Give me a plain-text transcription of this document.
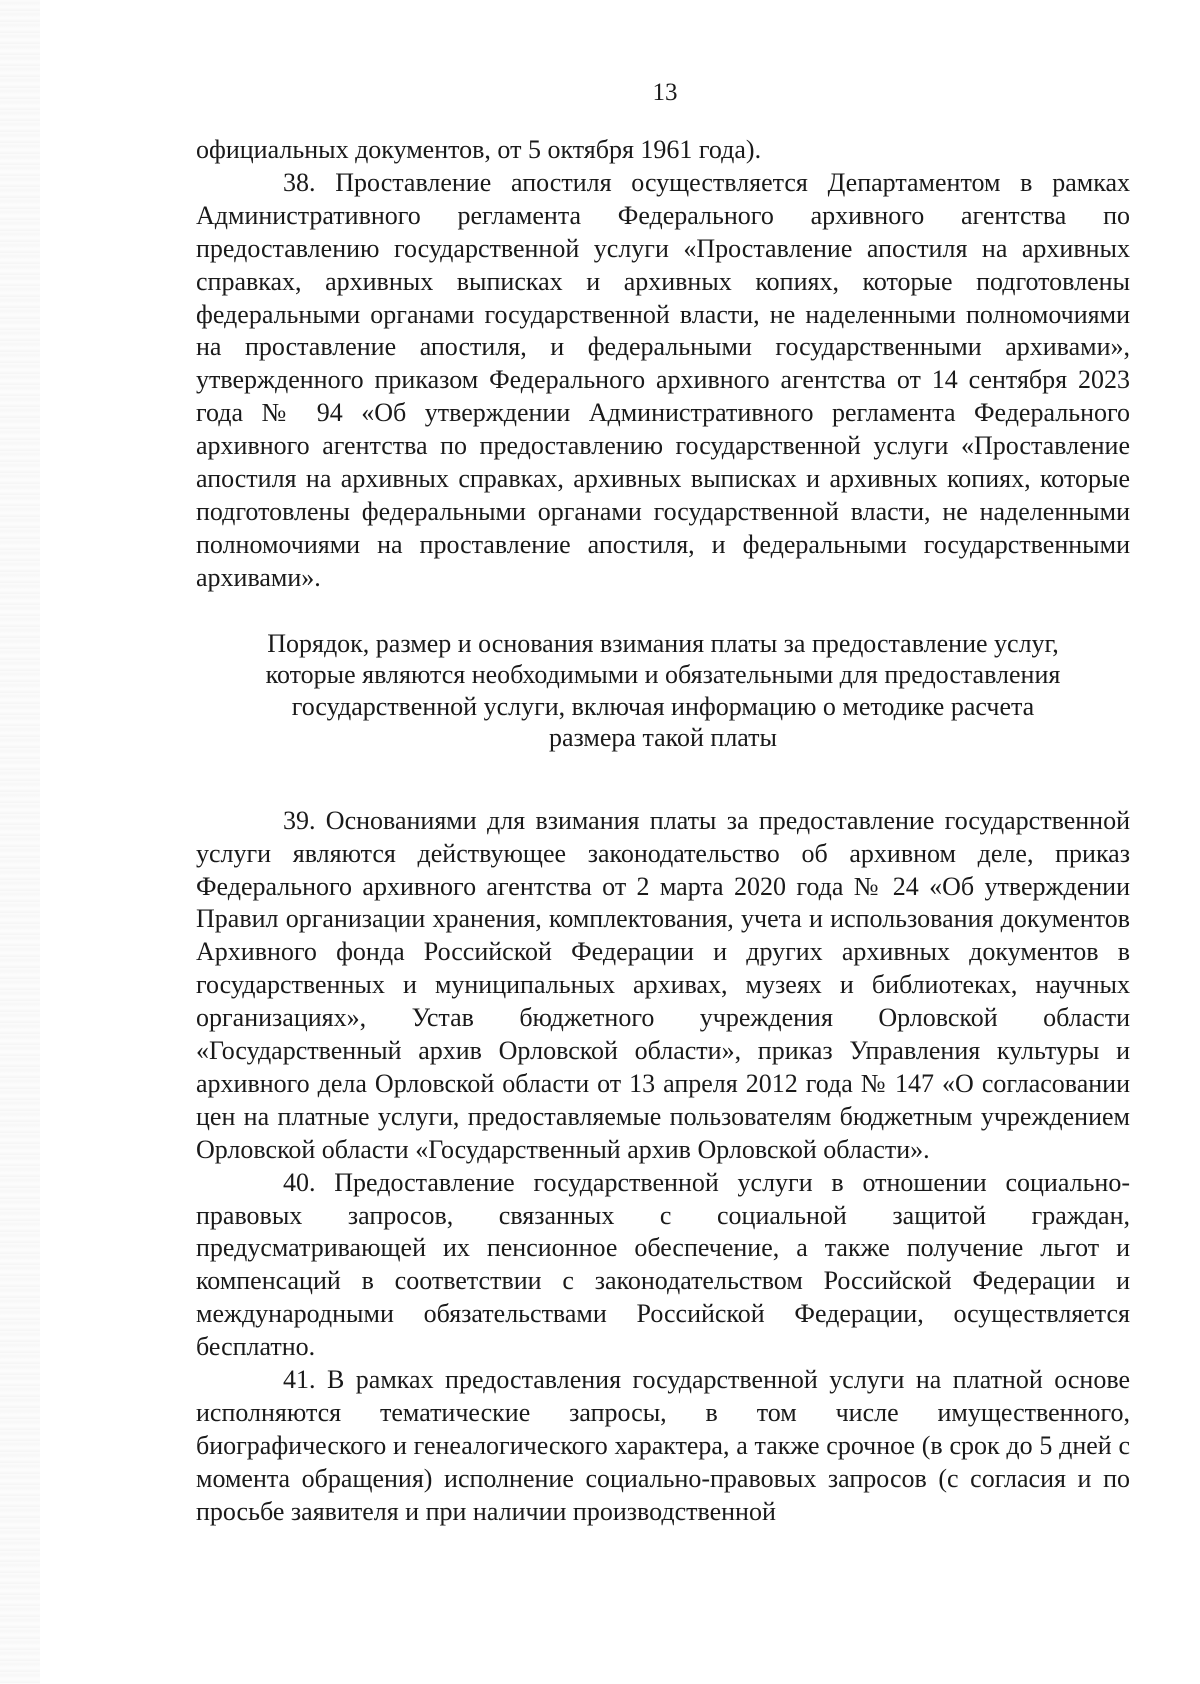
13

официальных документов, от 5 октября 1961 года).

38. Проставление апостиля осуществляется Департаментом в рамках Административного регламента Федерального архивного агентства по предоставлению государственной услуги «Проставление апостиля на архивных справках, архивных выписках и архивных копиях, которые подготовлены федеральными органами государственной власти, не наделенными полномочиями на проставление апостиля, и федеральными государственными архивами», утвержденного приказом Федерального архивного агентства от 14 сентября 2023 года № 94 «Об утверждении Административного регламента Федерального архивного агентства по предоставлению государственной услуги «Проставление апостиля на архивных справках, архивных выписках и архивных копиях, которые подготовлены федеральными органами государственной власти, не наделенными полномочиями на проставление апостиля, и федеральными государственными архивами».

Порядок, размер и основания взимания платы за предоставление услуг, которые являются необходимыми и обязательными для предоставления государственной услуги, включая информацию о методике расчета размера такой платы

39. Основаниями для взимания платы за предоставление государственной услуги являются действующее законодательство об архивном деле, приказ Федерального архивного агентства от 2 марта 2020 года № 24 «Об утверждении Правил организации хранения, комплектования, учета и использования документов Архивного фонда Российской Федерации и других архивных документов в государственных и муниципальных архивах, музеях и библиотеках, научных организациях», Устав бюджетного учреждения Орловской области «Государственный архив Орловской области», приказ Управления культуры и архивного дела Орловской области от 13 апреля 2012 года № 147 «О согласовании цен на платные услуги, предоставляемые пользователям бюджетным учреждением Орловской области «Государственный архив Орловской области».

40. Предоставление государственной услуги в отношении социально-правовых запросов, связанных с социальной защитой граждан, предусматривающей их пенсионное обеспечение, а также получение льгот и компенсаций в соответствии с законодательством Российской Федерации и международными обязательствами Российской Федерации, осуществляется бесплатно.

41. В рамках предоставления государственной услуги на платной основе исполняются тематические запросы, в том числе имущественного, биографического и генеалогического характера, а также срочное (в срок до 5 дней с момента обращения) исполнение социально-правовых запросов (с согласия и по просьбе заявителя и при наличии производственной
